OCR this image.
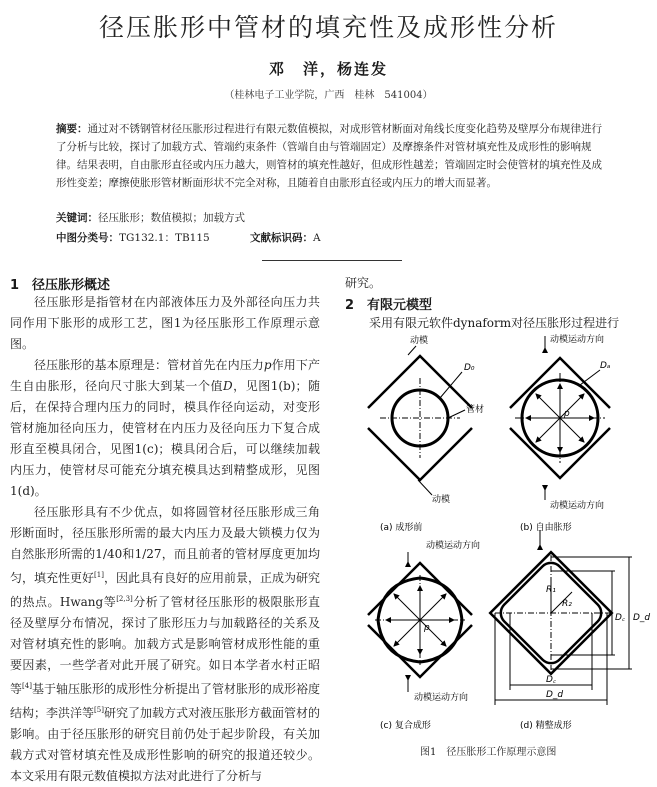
径压胀形中管材的填充性及成形性分析
邓　洋，杨连发
（桂林电子工业学院，广西　桂林　541004）
摘要：通过对不锈钢管材径压胀形过程进行有限元数值模拟，对成形管材断面对角线长度变化趋势及壁厚分布规律进行了分析与比较，探讨了加载方式、管端约束条件（管端自由与管端固定）及摩擦条件对管材填充性及成形性的影响规律。结果表明，自由胀形直径或内压力越大，则管材的填充性越好，但成形性越差；管端固定时会使管材的填充性及成形性变差；摩擦使胀形管材断面形状不完全对称，且随着自由胀形直径或内压力的增大而显著。
关键词：径压胀形；数值模拟；加载方式
中图分类号：TG132.1：TB115	文献标识码：A
1　径压胀形概述

径压胀形是指管材在内部液体压力及外部径向压力共同作用下胀形的成形工艺，图1为径压胀形工作原理示意图。

径压胀形的基本原理是：管材首先在内压力p作用下产生自由胀形，径向尺寸胀大到某一个值D，见图1(b)；随后，在保持合理内压力的同时，模具作径向运动，对变形管材施加径向压力，使管材在内压力及径向压力下复合成形直至模具闭合，见图1(c)；模具闭合后，可以继续加载内压力，使管材尽可能充分填充模具达到精整成形，见图1(d)。

径压胀形具有不少优点，如将圆管材径压胀形成三角形断面时，径压胀形所需的最大内压力及最大锁模力仅为自然胀形所需的1/40和1/27，而且前者的管材厚度更加均匀，填充性更好[1]，因此具有良好的应用前景，正成为研究的热点。Hwang等[2,3]分析了管材径压胀形的极限胀形直径及壁厚分布情况，探讨了胀形压力与加载路径的关系及对管材填充性的影响。加载方式是影响管材成形性能的重要因素，一些学者对此开展了研究。如日本学者水村正昭等[4]基于轴压胀形的成形性分析提出了管材胀形的成形裕度结构；李洪洋等[5]研究了加载方式对液压胀形方截面管材的影响。由于径压胀形的研究目前仍处于起步阶段，有关加载方式对管材填充性及成形性影响的研究的报道还较少。本文采用有限元数值模拟方法对此进行了分析与

研究。
2　有限元模型
采用有限元软件dynaform对径压胀形过程进行
动模
D₀
管材
动模
(a) 成形前
动模运动方向
Dₐ
p
动模运动方向
(b) 自由胀形
动模运动方向
p
动模运动方向
(c) 复合成形
R₁
R₂
D꜀ D_d
D꜀
D_d
(d) 精整成形
图1　径压胀形工作原理示意图
